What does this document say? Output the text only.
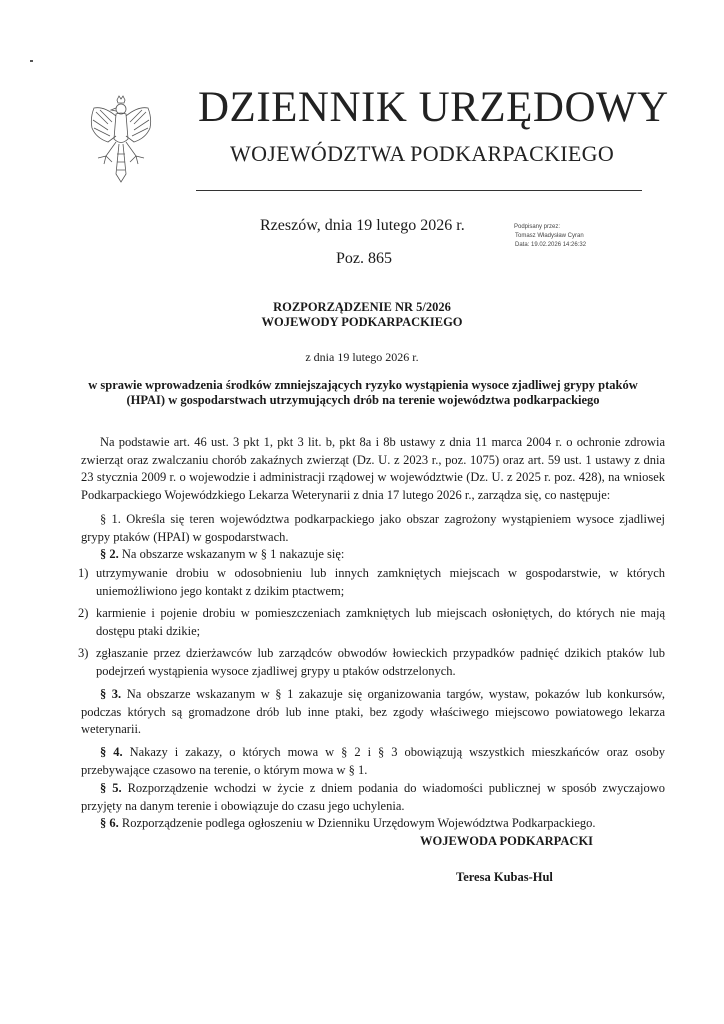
DZIENNIK URZĘDOWY
WOJEWÓDZTWA PODKARPACKIEGO
Rzeszów, dnia 19 lutego 2026 r.
Poz. 865
Podpisany przez:
Tomasz Władysław Cyran
Data: 19.02.2026 14:26:32
ROZPORZĄDZENIE NR 5/2026
WOJEWODY PODKARPACKIEGO
z dnia 19 lutego 2026 r.
w sprawie wprowadzenia środków zmniejszających ryzyko wystąpienia wysoce zjadliwej grypy ptaków (HPAI) w gospodarstwach utrzymujących drób na terenie województwa podkarpackiego

Na podstawie art. 46 ust. 3 pkt 1, pkt 3 lit. b, pkt 8a i 8b ustawy z dnia 11 marca 2004 r. o ochronie zdrowia zwierząt oraz zwalczaniu chorób zakaźnych zwierząt (Dz. U. z 2023 r., poz. 1075) oraz art. 59 ust. 1 ustawy z dnia 23 stycznia 2009 r. o wojewodzie i administracji rządowej w województwie (Dz. U. z 2025 r. poz. 428), na wniosek Podkarpackiego Wojewódzkiego Lekarza Weterynarii z dnia 17 lutego 2026 r., zarządza się, co następuje:

§ 1. Określa się teren województwa podkarpackiego jako obszar zagrożony wystąpieniem wysoce zjadliwej grypy ptaków (HPAI) w gospodarstwach.

§ 2. Na obszarze wskazanym w § 1 nakazuje się:

1) utrzymywanie drobiu w odosobnieniu lub innych zamkniętych miejscach w gospodarstwie, w których uniemożliwiono jego kontakt z dzikim ptactwem;
2) karmienie i pojenie drobiu w pomieszczeniach zamkniętych lub miejscach osłoniętych, do których nie mają dostępu ptaki dzikie;
3) zgłaszanie przez dzierżawców lub zarządców obwodów łowieckich przypadków padnięć dzikich ptaków lub podejrzeń wystąpienia wysoce zjadliwej grypy u ptaków odstrzelonych.

§ 3. Na obszarze wskazanym w § 1 zakazuje się organizowania targów, wystaw, pokazów lub konkursów, podczas których są gromadzone drób lub inne ptaki, bez zgody właściwego miejscowo powiatowego lekarza weterynarii.

§ 4. Nakazy i zakazy, o których mowa w § 2 i § 3 obowiązują wszystkich mieszkańców oraz osoby przebywające czasowo na terenie, o którym mowa w § 1.

§ 5. Rozporządzenie wchodzi w życie z dniem podania do wiadomości publicznej w sposób zwyczajowo przyjęty na danym terenie i obowiązuje do czasu jego uchylenia.

§ 6. Rozporządzenie podlega ogłoszeniu w Dzienniku Urzędowym Województwa Podkarpackiego.

WOJEWODA PODKARPACKI
Teresa Kubas-Hul
